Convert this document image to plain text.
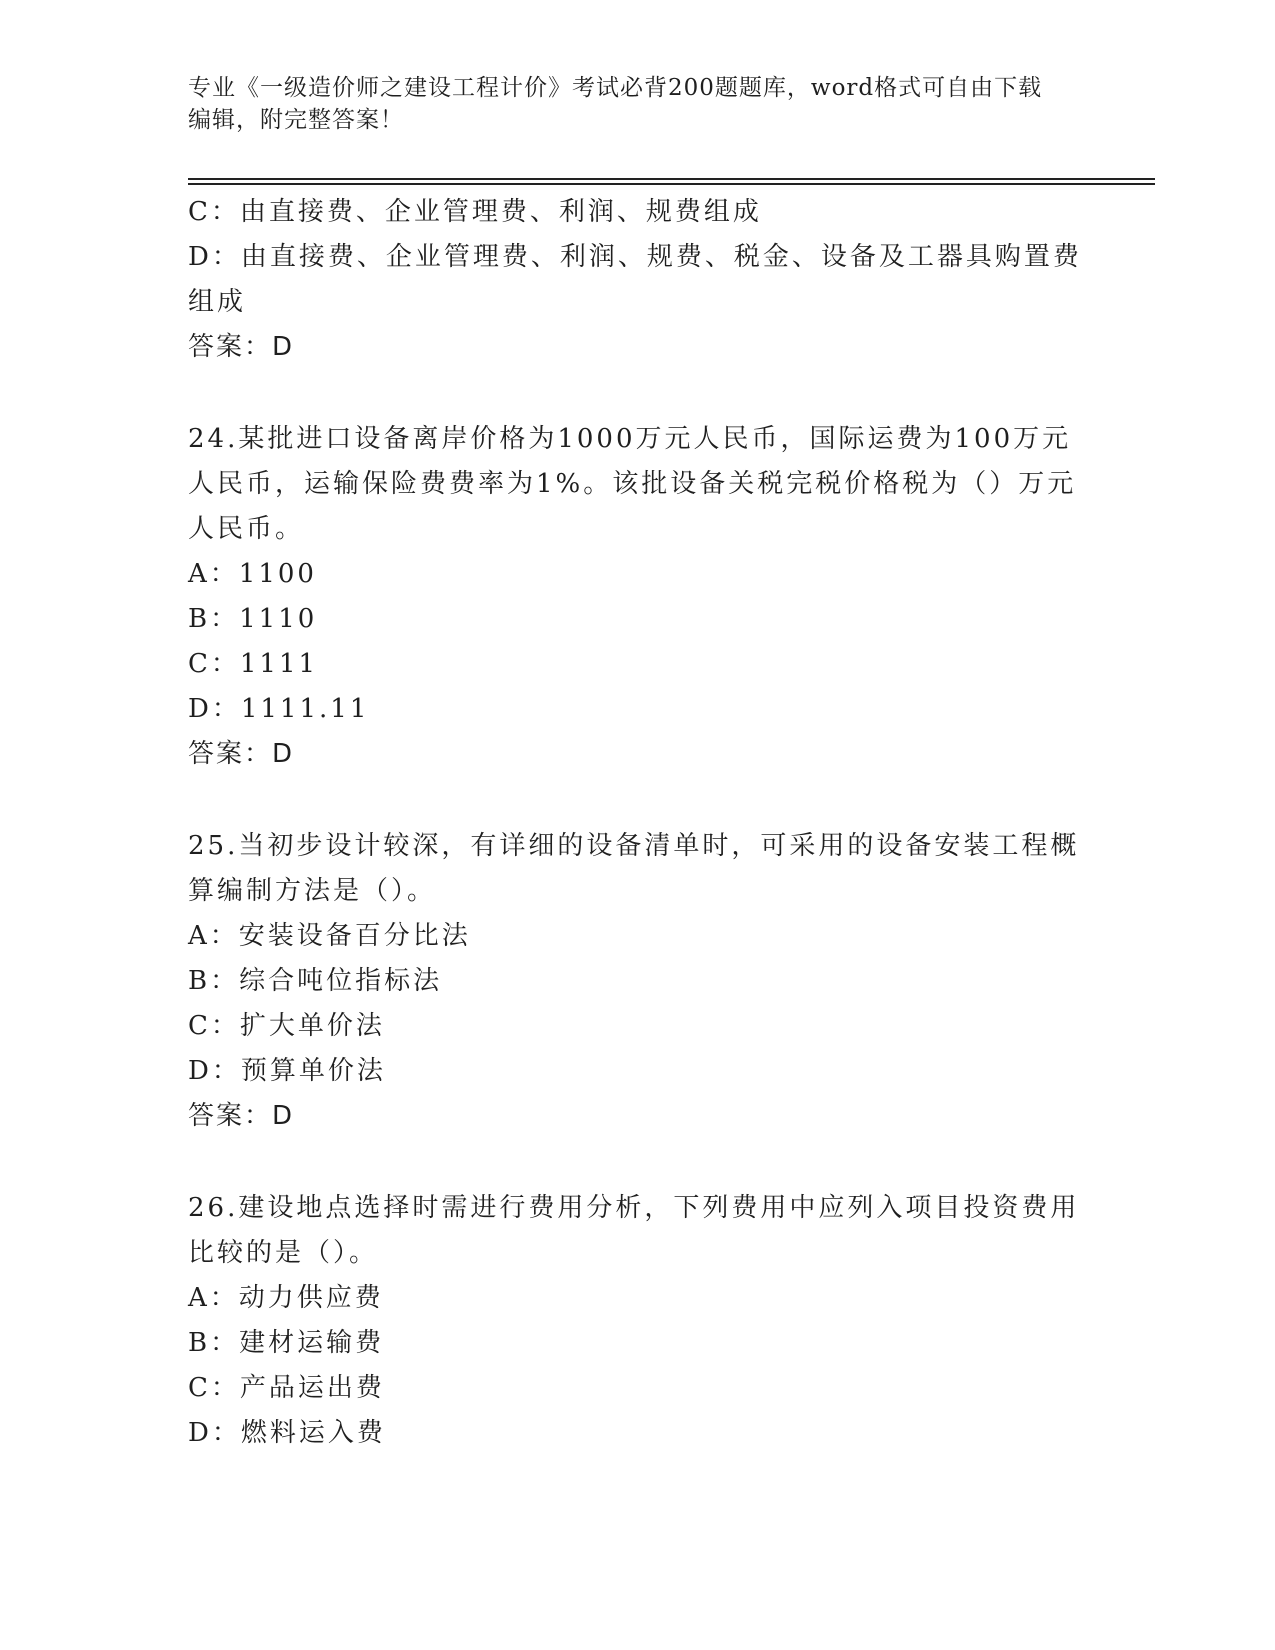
专业《一级造价师之建设工程计价》考试必背200题题库，word格式可自由下载
编辑，附完整答案！
C：由直接费、企业管理费、利润、规费组成
D：由直接费、企业管理费、利润、规费、税金、设备及工器具购置费
组成
答案：D
24.某批进口设备离岸价格为1000万元人民币，国际运费为100万元
人民币，运输保险费费率为1%。该批设备关税完税价格税为（）万元
人民币。
A：1100
B：1110
C：1111
D：1111.11
答案：D
25.当初步设计较深，有详细的设备清单时，可采用的设备安装工程概
算编制方法是（）。
A：安装设备百分比法
B：综合吨位指标法
C：扩大单价法
D：预算单价法
答案：D
26.建设地点选择时需进行费用分析，下列费用中应列入项目投资费用
比较的是（）。
A：动力供应费
B：建材运输费
C：产品运出费
D：燃料运入费
